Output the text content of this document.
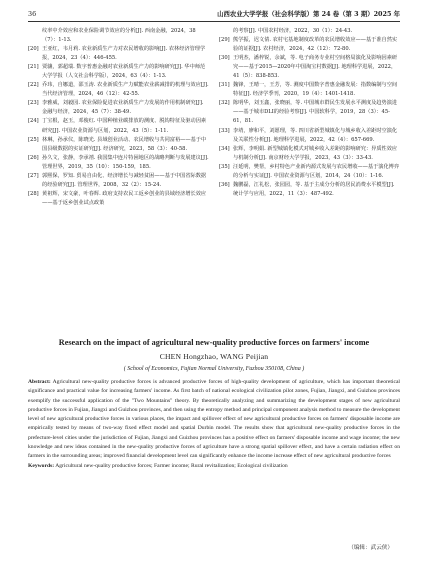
36	山西农业大学学报（社会科学版）第 24 卷（第 3 期）2025 年
纹率中介效应和农业保险调节效应的分析[J]. 西南金融，2024，38（7）：1-13.
[20] 王亚红，韦月莉. 农业新质生产力对农民增收的影响[J]. 农林经济管理学报，2024，23（4）：446-455.
[21] 贾骧，郭超瑞. 数字普惠金融对农业新质生产力的影响研究[J]. 华中师范大学学报（人文社会科学版），2024，63（4）：1-13.
[22] 乔玮，自娜道，邵玉涛. 农业新质生产力赋能农业薪减排的机理与效应[J]. 当代经济管理，2024，46（12）：42-55.
[23] 李雅威，刘毅园. 农业保险促进农业新质生产力发展的作用机制研究[J]. 金融与经济，2024，45（7）：38-49.
[24] 丁宝根，赵玉，邓俊红. 中国种植业碳排放的测度、脱钩特征及驱动因素研究[J]. 中国农业资源与区划，2022，43（5）：1-11.
[25] 林琳，孙承仪，陈晓光. 县域创业活动、农民增收与共同富裕——基于中国县级数据的实证研究[J]. 经济研究，2023，58（3）：40-58.
[26] 孙久文，张静，李承禧. 我国集中连片特困地区的战略判断与发展建议[J]. 管理世界，2019，35（10）：150-159，185.
[27] 郭熙保，罗知. 贸易自由化、经济增长与减轻贫困——基于中国省际数据的经验研究[J]. 管理世界，2008，32（2）：15-24.
[28] 黄祖辉，宋文豪，叶春辉. 政府支持农民工返乡创业的县域经济增长效应——基于返乡创业试点政策
的考察[J]. 中国农村经济，2022，30（1）：24-43.
[29] 熊学振，迟文倩. 农村宅基地制度改革的农民增收效应——基于准自然实验的证据[J]. 农村经济，2024，42（12）：72-80.
[30] 王明杰，潘梓锐，余斌，等. 电子商务专业村空间格局演化及影响因素研究——基于2015—2020年中国淘宝村数据[J]. 地理科学进展，2022，41（5）：838-853.
[31] 魏锋，王晴一，王芳，等. 测度中国数字普惠金融发展：指数编制与空间特征[J]. 经济学季刊，2020，19（4）：1401-1418.
[32] 陈明华，刘玉鑫，张晓丽，等. 中国城市群民生发展水平测度及趋势演进——基于城市DLI的经验考察[J]. 中国软科学，2019，28（3）：45-61，81.
[33] 李靖，廖和平，刘愿理，等. 四川省新型城镇化与城乡收入差距时空演化及关联性分析[J]. 地理科学进展，2022，42（4）：657-669.
[34] 张辉，李明娟. 新型城镇化模式对城乡收入差距的影响研究：异质性效应与机制分析[J]. 南京财经大学学报，2023，43（3）：33-43.
[35] 汪延明，樊帮，乡村特色产业新内源式发展与农民增收——基于演化博弈的分析与实证[J]. 中国农业资源与区划，2014，24（10）：1-16.
[36] 魏鹏磊，江礼松，张园园，等. 基于主成分分析的居民消费水平模型[J]. 统计学与应用，2022，11（3）：487-492.

Research on the impact of agricultural new-quality productive forces on farmers' income

CHEN Hongzhao, WANG Peijian

( School of Economics, Fujian Normal University, Fuzhou 350108, China )

Abstract: Agricultural new-quality productive forces is advanced productive forces of high-quality development of agriculture, which has important theoretical significance and practical value for increasing farmers' income. As first batch of national ecological civilization pilot zones, Fujian, Jiangxi, and Guizhou provinces exemplify the successful application of the "Two Mountains" theory. By theoretically analyzing and summarizing the development stages of new agricultural productive forces in Fujian, Jiangxi and Guizhou provinces, and then using the entropy method and principal component analysis method to measure the development level of new agricultural productive forces in various places, the impact and spillover effect of new agricultural productive forces on farmers' disposable income are empirically tested by means of two-way fixed effect model and spatial Durbin model. The results show that agricultural new-quality productive forces in the prefecture-level cities under the jurisdiction of Fujian, Jiangxi and Guizhou provinces has a positive effect on farmers' disposable income and wage income; the new knowledge and new ideas contained in the new-quality productive forces of agriculture have a strong spatial spillover effect, and have a certain radiation effect on farmers in the surrounding areas; improved financial development level can significantly enhance the income increase effect of new agricultural productive forces

Keywords: Agricultural new-quality productive forces; Farmer income; Rural revitalization; Ecological civilization

（编辑：武云侠）
